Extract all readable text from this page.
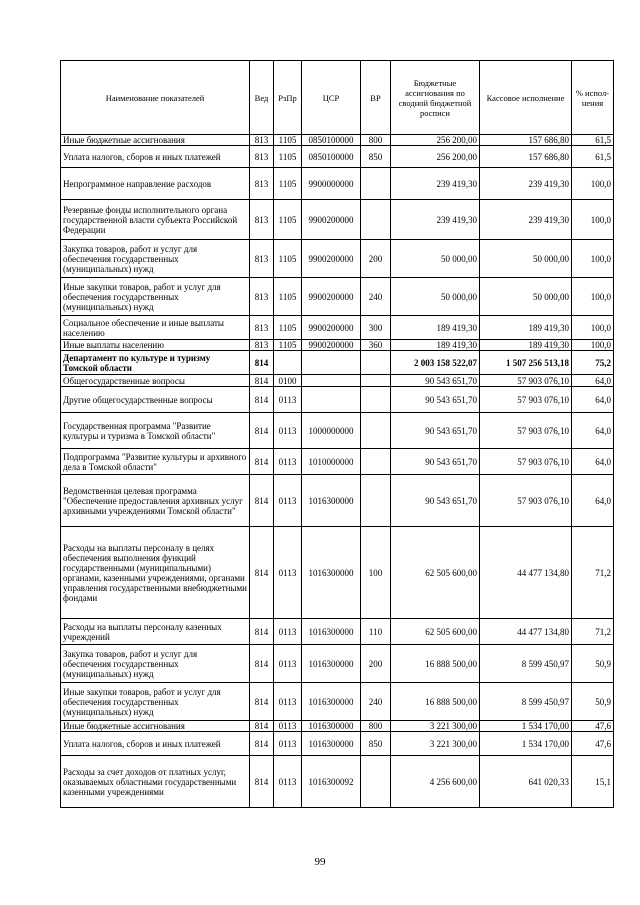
Наименование показателей	Вед	РзПр	ЦСР	ВР	Бюджетные ассигнования по сводной бюджетной росписи	Кассовое исполнение	% испол-нения
Иные бюджетные ассигнования	813	1105	0850100000	800	256 200,00	157 686,80	61,5
Уплата налогов, сборов и иных платежей	813	1105	0850100000	850	256 200,00	157 686,80	61,5
Непрограммное направление расходов	813	1105	9900000000		239 419,30	239 419,30	100,0
Резервные фонды исполнительного органа государственной власти субъекта Российской Федерации	813	1105	9900200000		239 419,30	239 419,30	100,0
Закупка товаров, работ и услуг для обеспечения государственных (муниципальных) нужд	813	1105	9900200000	200	50 000,00	50 000,00	100,0
Иные закупки товаров, работ и услуг для обеспечения государственных (муниципальных) нужд	813	1105	9900200000	240	50 000,00	50 000,00	100,0
Социальное обеспечение и иные выплаты населению	813	1105	9900200000	300	189 419,30	189 419,30	100,0
Иные выплаты населению	813	1105	9900200000	360	189 419,30	189 419,30	100,0
Департамент по культуре и туризму Томской области	814				2 003 158 522,07	1 507 256 513,18	75,2
Общегосударственные вопросы	814	0100			90 543 651,70	57 903 076,10	64,0
Другие общегосударственные вопросы	814	0113			90 543 651,70	57 903 076,10	64,0
Государственная программа "Развитие культуры и туризма в Томской области"	814	0113	1000000000		90 543 651,70	57 903 076,10	64,0
Подпрограмма "Развитие культуры и архивного дела в Томской области"	814	0113	1010000000		90 543 651,70	57 903 076,10	64,0
Ведомственная целевая программа "Обеспечение предоставления архивных услуг архивными учреждениями Томской области"	814	0113	1016300000		90 543 651,70	57 903 076,10	64,0
Расходы на выплаты персоналу в целях обеспечения выполнения функций государственными (муниципальными) органами, казенными учреждениями, органами управления государственными внебюджетными фондами	814	0113	1016300000	100	62 505 600,00	44 477 134,80	71,2
Расходы на выплаты персоналу казенных учреждений	814	0113	1016300000	110	62 505 600,00	44 477 134,80	71,2
Закупка товаров, работ и услуг для обеспечения государственных (муниципальных) нужд	814	0113	1016300000	200	16 888 500,00	8 599 450,97	50,9
Иные закупки товаров, работ и услуг для обеспечения государственных (муниципальных) нужд	814	0113	1016300000	240	16 888 500,00	8 599 450,97	50,9
Иные бюджетные ассигнования	814	0113	1016300000	800	3 221 300,00	1 534 170,00	47,6
Уплата налогов, сборов и иных платежей	814	0113	1016300000	850	3 221 300,00	1 534 170,00	47,6
Расходы за счет доходов от платных услуг, оказываемых областными государственными казенными учреждениями	814	0113	1016300092		4 256 600,00	641 020,33	15,1
99
